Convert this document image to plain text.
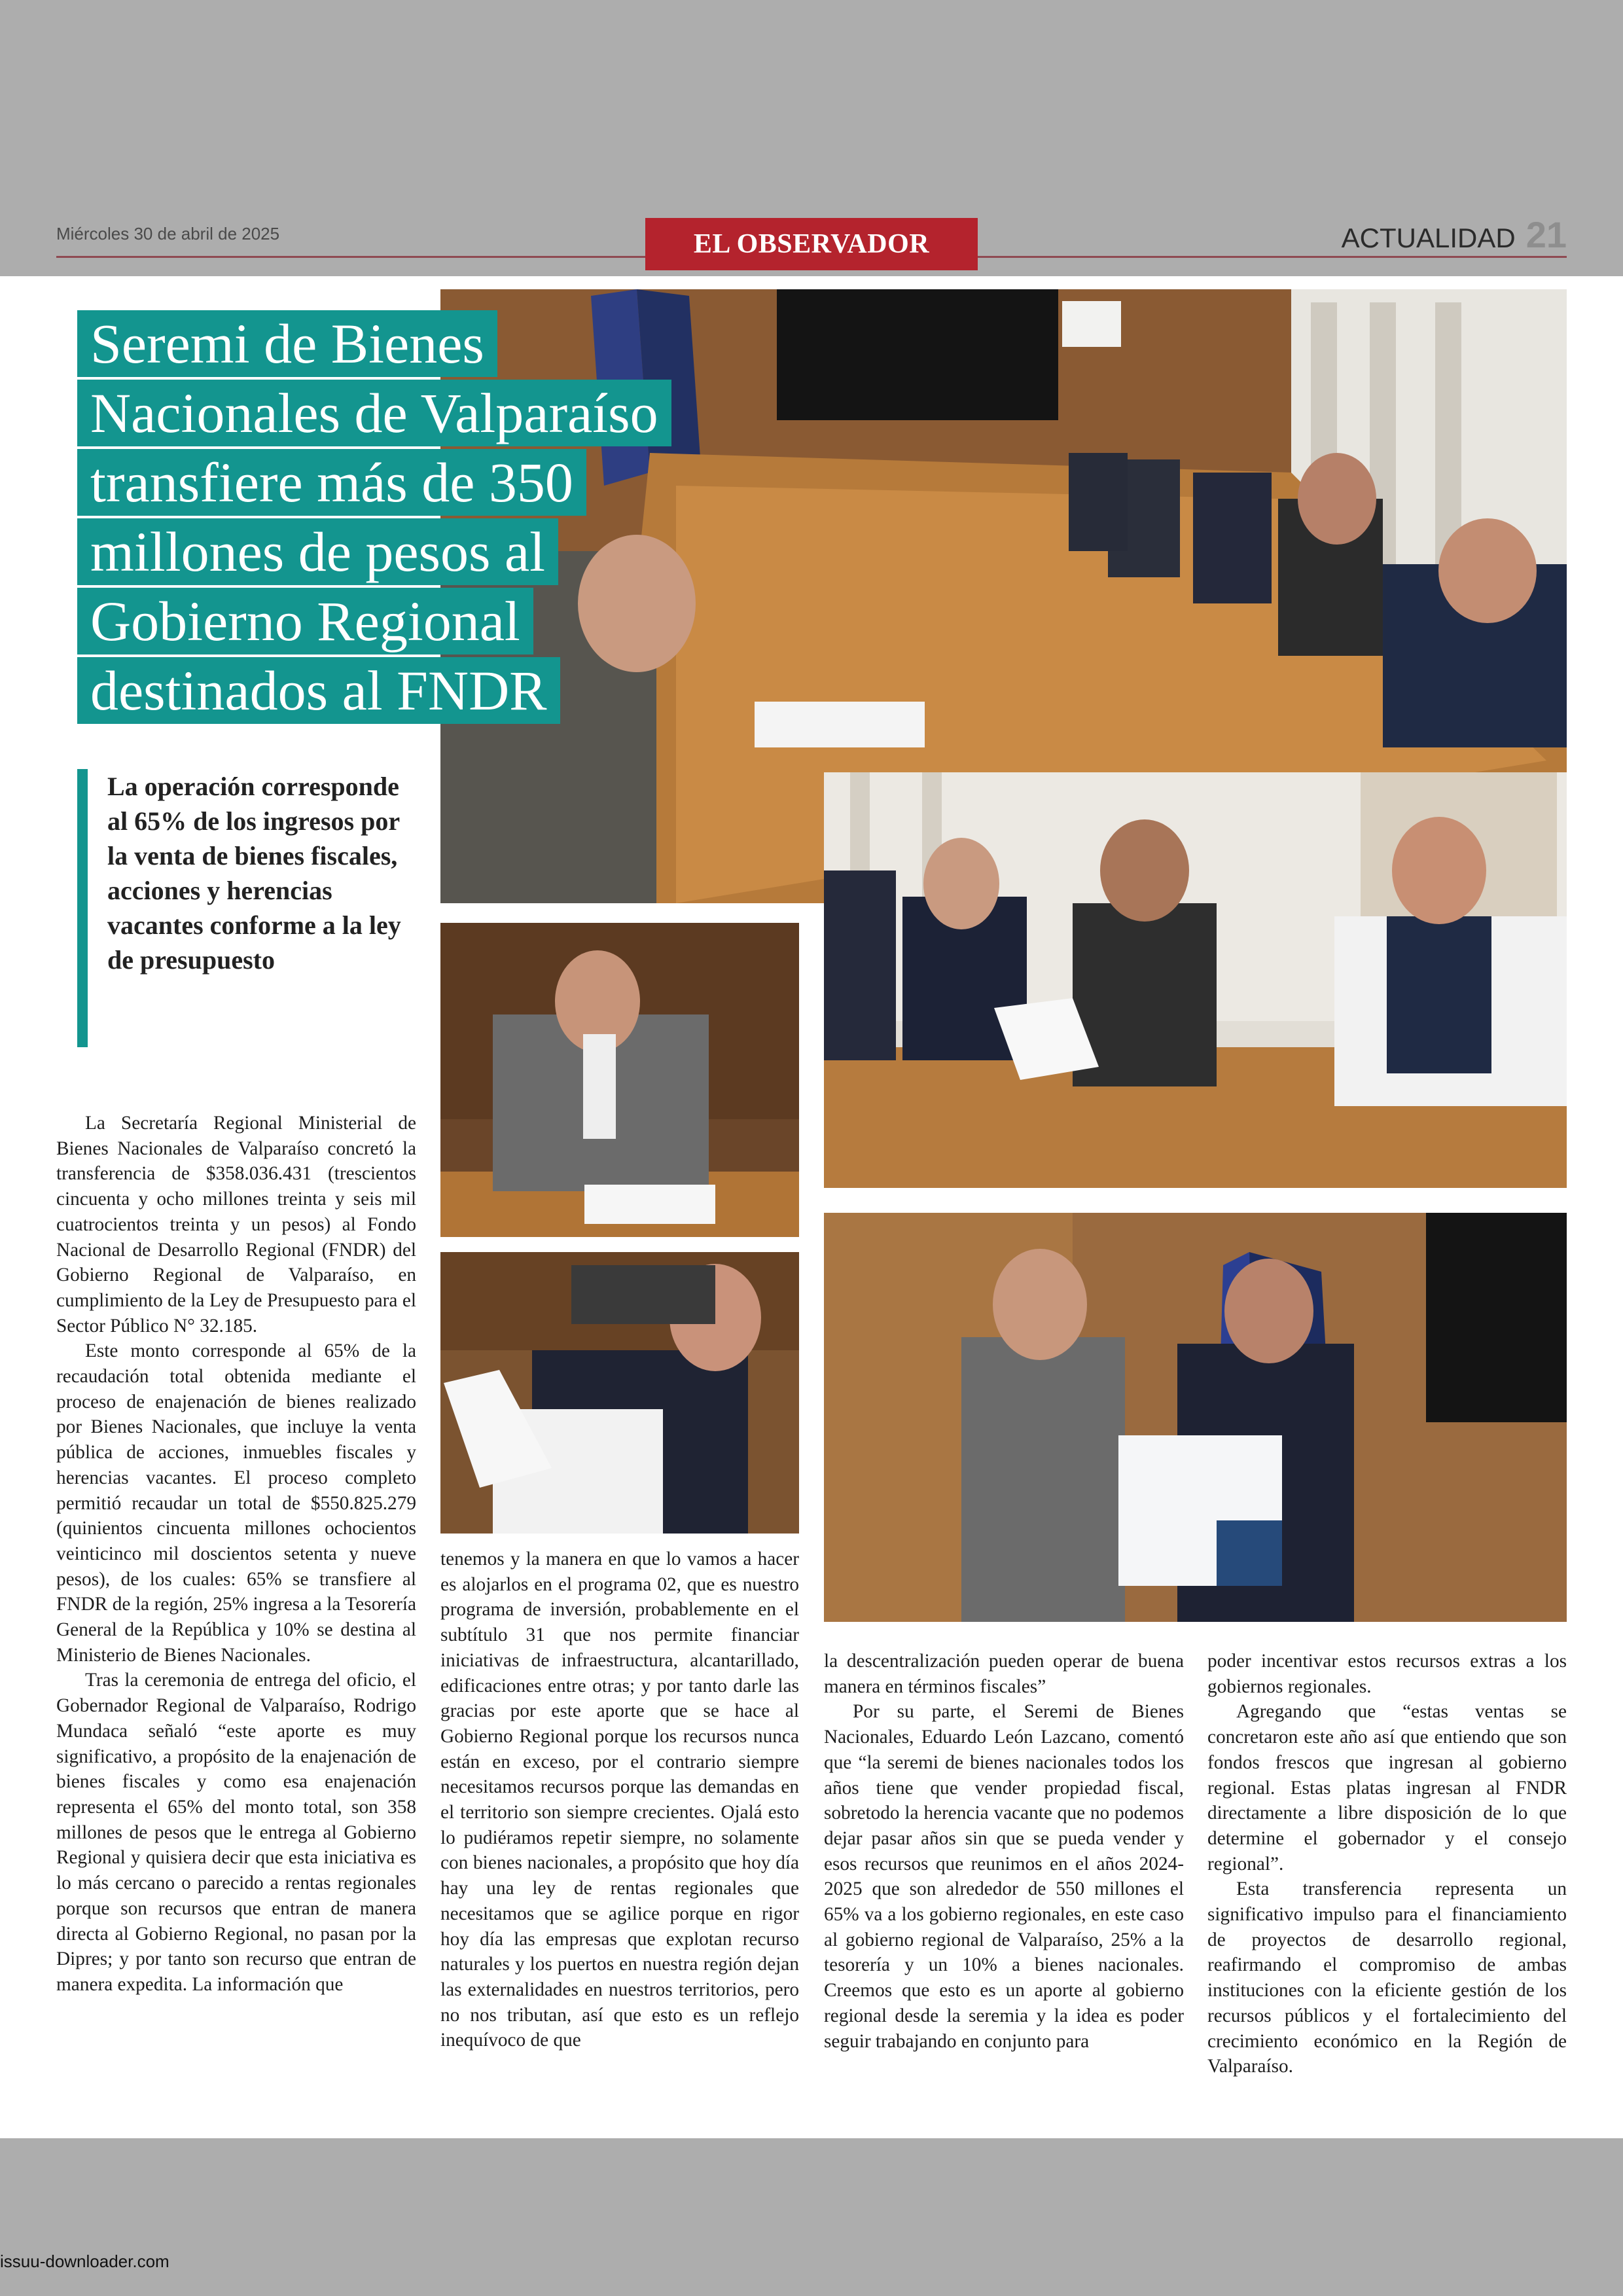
Miércoles 30 de abril de 2025	EL OBSERVADOR	ACTUALIDAD 21
Seremi de Bienes
Nacionales de Valparaíso
transfiere más de 350
millones de pesos al
Gobierno Regional
destinados al FNDR

La operación corresponde al 65% de los ingresos por la venta de bienes fiscales, acciones y herencias vacantes conforme a la ley de presupuesto

La Secretaría Regional Ministerial de Bienes Nacionales de Valparaíso concretó la transferencia de $358.036.431 (trescientos cincuenta y ocho millones treinta y seis mil cuatrocientos treinta y un pesos) al Fondo Nacional de Desarrollo Regional (FNDR) del Gobierno Regional de Valparaíso, en cumplimiento de la Ley de Presupuesto para el Sector Público N° 32.185.

Este monto corresponde al 65% de la recaudación total obtenida mediante el proceso de enajenación de bienes realizado por Bienes Nacionales, que incluye la venta pública de acciones, inmuebles fiscales y herencias vacantes. El proceso completo permitió recaudar un total de $550.825.279 (quinientos cincuenta millones ochocientos veinticinco mil doscientos setenta y nueve pesos), de los cuales: 65% se transfiere al FNDR de la región, 25% ingresa a la Tesorería General de la República y 10% se destina al Ministerio de Bienes Nacionales.

Tras la ceremonia de entrega del oficio, el Gobernador Regional de Valparaíso, Rodrigo Mundaca señaló “este aporte es muy significativo, a propósito de la enajenación de bienes fiscales y como esa enajenación representa el 65% del monto total, son 358 millones de pesos que le entrega al Gobierno Regional y quisiera decir que esta iniciativa es lo más cercano o parecido a rentas regionales porque son recursos que entran de manera directa al Gobierno Regional, no pasan por la Dipres; y por tanto son recurso que entran de manera expedita. La información que

tenemos y la manera en que lo vamos a hacer es alojarlos en el programa 02, que es nuestro programa de inversión, probablemente en el subtítulo 31 que nos permite financiar iniciativas de infraestructura, alcantarillado, edificaciones entre otras; y por tanto darle las gracias por este aporte que se hace al Gobierno Regional porque los recursos nunca están en exceso, por el contrario siempre necesitamos recursos porque las demandas en el territorio son siempre crecientes. Ojalá esto lo pudiéramos repetir siempre, no solamente con bienes nacionales, a propósito que hoy día hay una ley de rentas regionales que necesitamos que se agilice porque en rigor hoy día las empresas que explotan recurso naturales y los puertos en nuestra región dejan las externalidades en nuestros territorios, pero no nos tributan, así que esto es un reflejo inequívoco de que

la descentralización pueden operar de buena manera en términos fiscales”

Por su parte, el Seremi de Bienes Nacionales, Eduardo León Lazcano, comentó que “la seremi de bienes nacionales todos los años tiene que vender propiedad fiscal, sobretodo la herencia vacante que no podemos dejar pasar años sin que se pueda vender y esos recursos que reunimos en el años 2024-2025 que son alrededor de 550 millones el 65% va a los gobierno regionales, en este caso al gobierno regional de Valparaíso, 25% a la tesorería y un 10% a bienes nacionales. Creemos que esto es un aporte al gobierno regional desde la seremia y la idea es poder seguir trabajando en conjunto para

poder incentivar estos recursos extras a los gobiernos regionales.

Agregando que “estas ventas se concretaron este año así que entiendo que son fondos frescos que ingresan al gobierno regional. Estas platas ingresan al FNDR directamente a libre disposición de lo que determine el gobernador y el consejo regional”.

Esta transferencia representa un significativo impulso para el financiamiento de proyectos de desarrollo regional, reafirmando el compromiso de ambas instituciones con la eficiente gestión de los recursos públicos y el fortalecimiento del crecimiento económico en la Región de Valparaíso.

issuu-downloader.com
